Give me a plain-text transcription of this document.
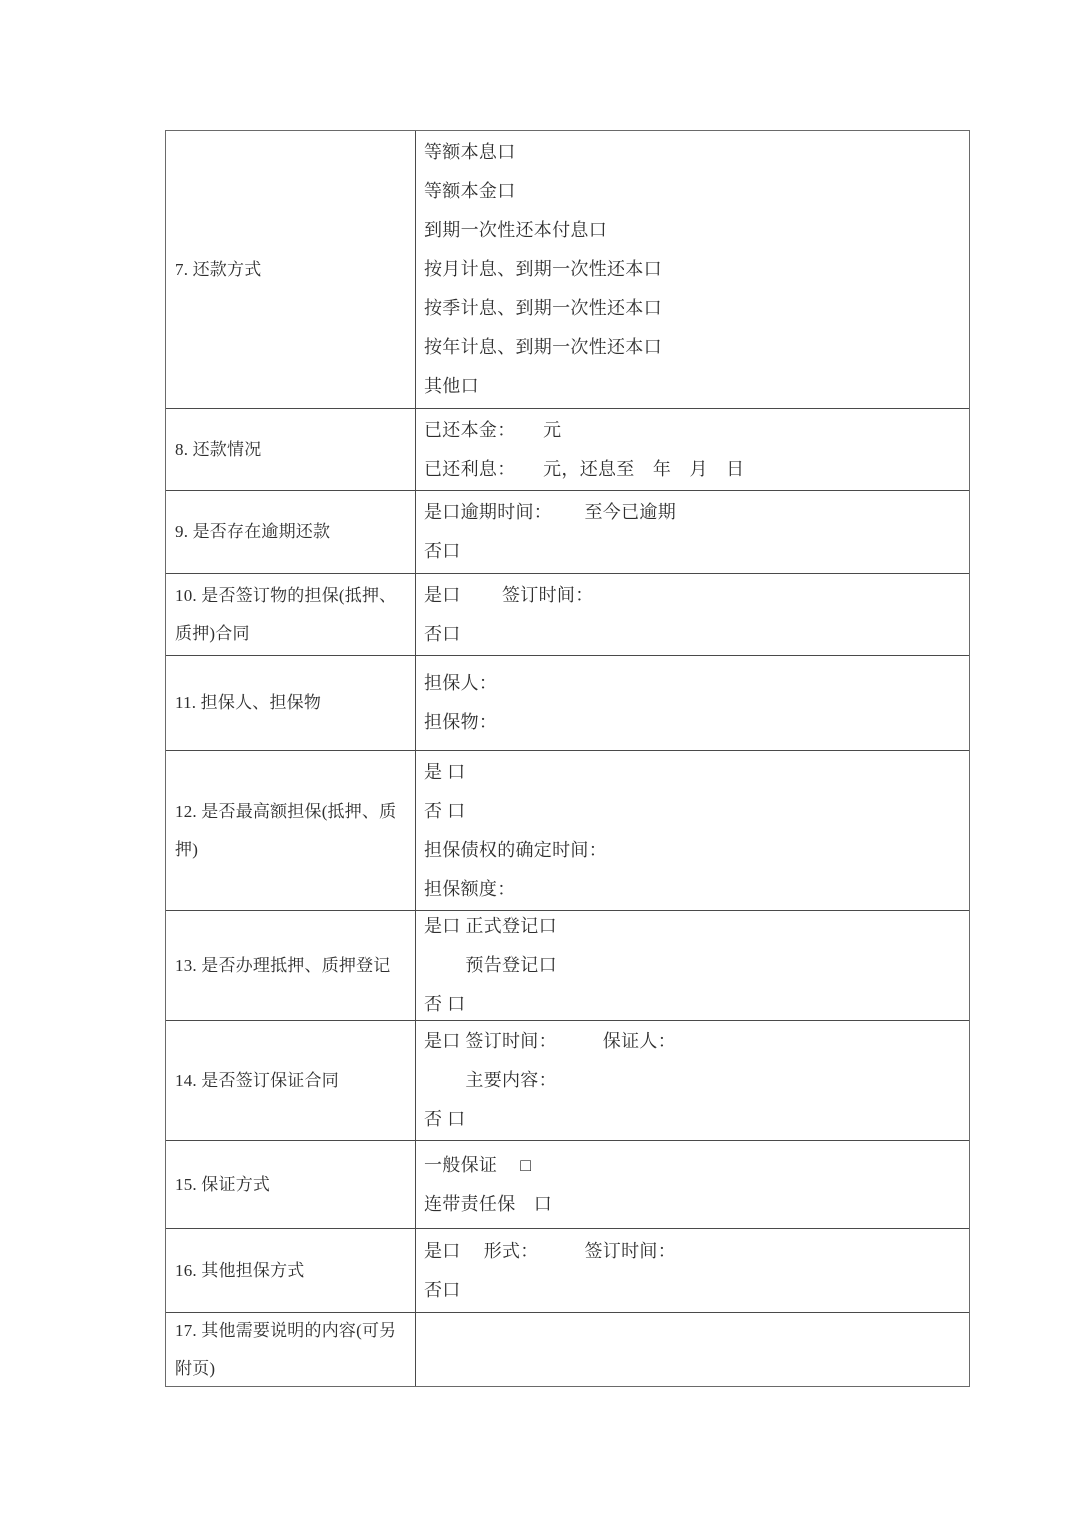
7. 还款方式
等额本息口
等额本金口
到期一次性还本付息口
按月计息、到期一次性还本口
按季计息、到期一次性还本口
按年计息、到期一次性还本口
其他口
8. 还款情况
已还本金：　　元
已还利息：　　元，还息至　年　月　日
9. 是否存在逾期还款
是口逾期时间：　　 至今已逾期
否口
10. 是否签订物的担保(抵押、质押)合同
是口　　 签订时间：
否口
11. 担保人、担保物
担保人：
担保物：
12. 是否最高额担保(抵押、质押)
是 口
否 口
担保债权的确定时间：
担保额度：
13. 是否办理抵押、质押登记
是口 正式登记口
　　 预告登记口
否 口
14. 是否签订保证合同
是口 签订时间：　　　保证人：
　　 主要内容：
否 口
15. 保证方式
一般保证　 □
连带责任保　口
16. 其他担保方式
是口　 形式：　　　签订时间：
否口
17. 其他需要说明的内容(可另附页)
